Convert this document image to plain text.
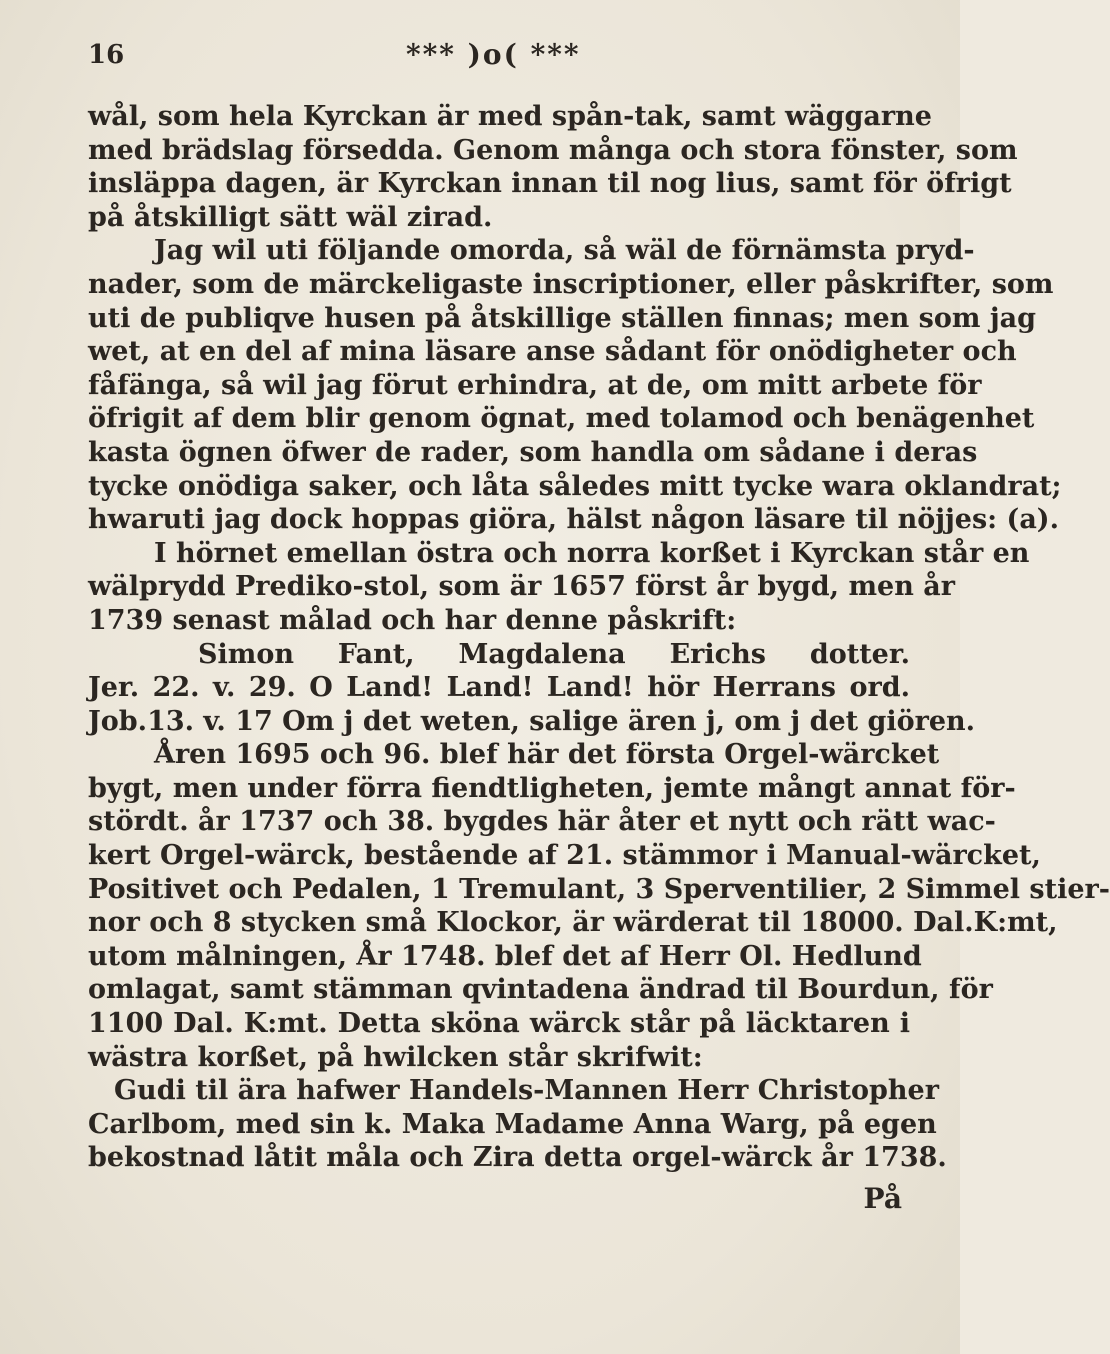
16	*** )o( ***
wål, som hela Kyrckan är med spån-tak, samt wäggarne
med brädslag försedda. Genom många och stora fönster, som
insläppa dagen, är Kyrckan innan til nog lius, samt för öfrigt
på åtskilligt sätt wäl zirad.
Jag wil uti följande omorda, så wäl de förnämsta pryd-
nader, som de märckeligaste inscriptioner, eller påskrifter, som
uti de publiqve husen på åtskillige ställen finnas; men som jag
wet, at en del af mina läsare anse sådant för onödigheter och
fåfänga, så wil jag förut erhindra, at de, om mitt arbete för
öfrigit af dem blir genom ögnat, med tolamod och benägenhet
kasta ögnen öfwer de rader, som handla om sådane i deras
tycke onödiga saker, och låta således mitt tycke wara oklandrat;
hwaruti jag dock hoppas giöra, hälst någon läsare til nöjjes: (a).
I hörnet emellan östra och norra korßet i Kyrckan står en
wälprydd Prediko-stol, som är 1657 först år bygd, men år
1739 senast målad och har denne påskrift:
Simon Fant, Magdalena Erichs dotter.
Jer. 22. v. 29. O Land! Land! Land! hör Herrans ord.
Job.13. v. 17 Om j det weten, salige ären j, om j det giören.
Åren 1695 och 96. blef här det första Orgel-wärcket
bygt, men under förra fiendtligheten, jemte mångt annat för-
stördt. år 1737 och 38. bygdes här åter et nytt och rätt wac-
kert Orgel-wärck, bestående af 21. stämmor i Manual-wärcket,
Positivet och Pedalen, 1 Tremulant, 3 Sperventilier, 2 Simmel stier-
nor och 8 stycken små Klockor, är wärderat til 18000. Dal.K:mt,
utom målningen, År 1748. blef det af Herr Ol. Hedlund
omlagat, samt stämman qvintadena ändrad til Bourdun, för
1100 Dal. K:mt. Detta sköna wärck står på läcktaren i
wästra korßet, på hwilcken står skrifwit:
Gudi til ära hafwer Handels-Mannen Herr Christopher
Carlbom, med sin k. Maka Madame Anna Warg, på egen
bekostnad låtit måla och Zira detta orgel-wärck år 1738.
På
